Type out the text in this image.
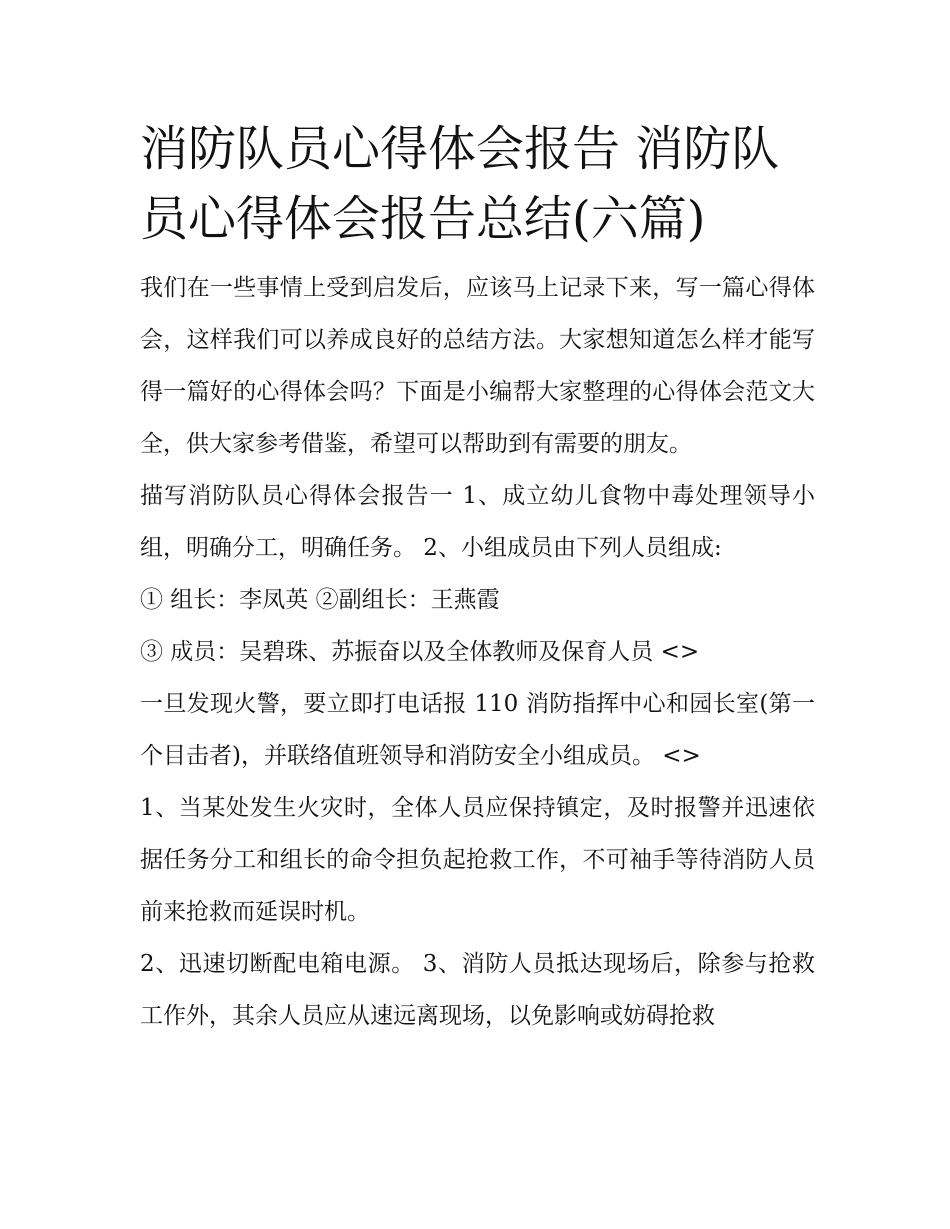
消防队员心得体会报告 消防队员心得体会报告总结(六篇)

我们在一些事情上受到启发后，应该马上记录下来，写一篇心得体会，这样我们可以养成良好的总结方法。大家想知道怎么样才能写得一篇好的心得体会吗？下面是小编帮大家整理的心得体会范文大全，供大家参考借鉴，希望可以帮助到有需要的朋友。

描写消防队员心得体会报告一 1、成立幼儿食物中毒处理领导小组，明确分工，明确任务。 2、小组成员由下列人员组成:

① 组长：李凤英 ②副组长：王燕霞

③ 成员：吴碧珠、苏振奋以及全体教师及保育人员 <>

一旦发现火警，要立即打电话报 110 消防指挥中心和园长室(第一个目击者)，并联络值班领导和消防安全小组成员。 <>

1、当某处发生火灾时，全体人员应保持镇定，及时报警并迅速依据任务分工和组长的命令担负起抢救工作，不可袖手等待消防人员前来抢救而延误时机。

2、迅速切断配电箱电源。 3、消防人员抵达现场后，除参与抢救工作外，其余人员应从速远离现场，以免影响或妨碍抢救
